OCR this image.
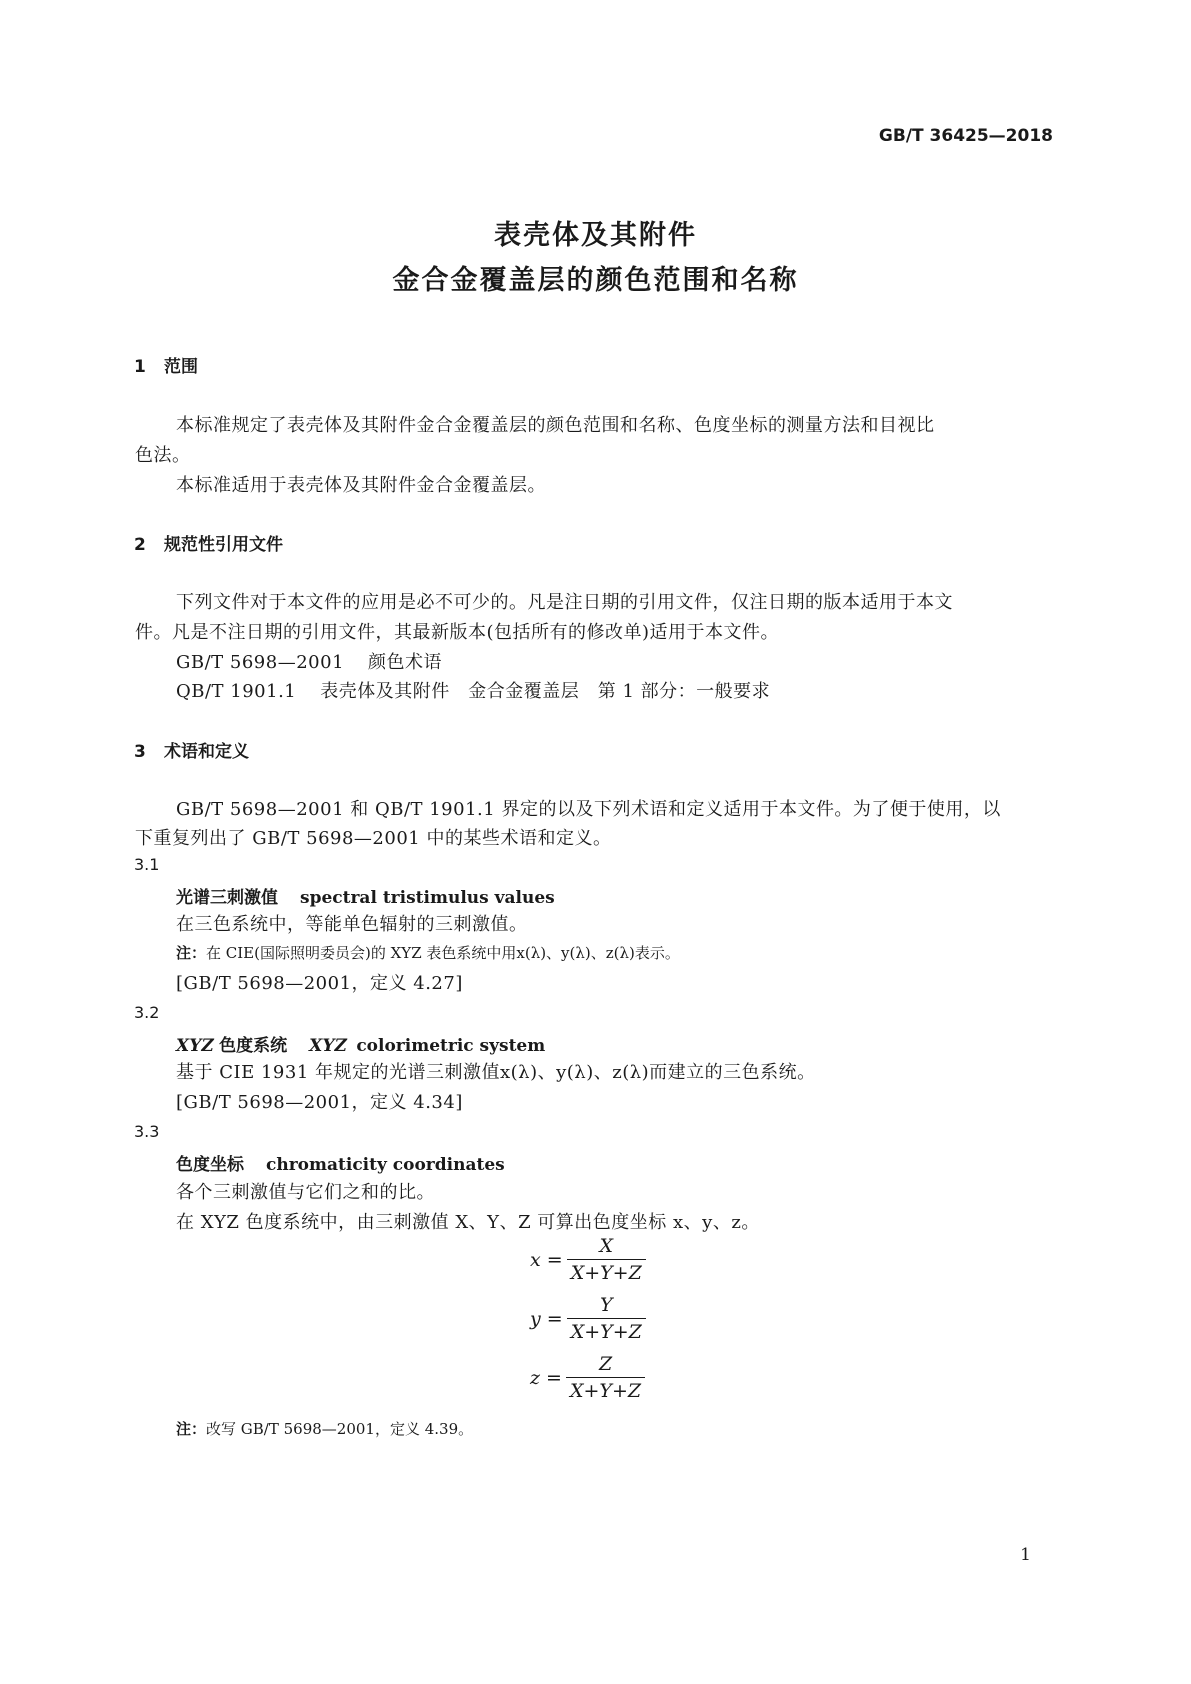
GB/T 36425—2018
表壳体及其附件
金合金覆盖层的颜色范围和名称
1 范围
本标准规定了表壳体及其附件金合金覆盖层的颜色范围和名称、色度坐标的测量方法和目视比
色法。
本标准适用于表壳体及其附件金合金覆盖层。
2 规范性引用文件
下列文件对于本文件的应用是必不可少的。凡是注日期的引用文件，仅注日期的版本适用于本文
件。凡是不注日期的引用文件，其最新版本(包括所有的修改单)适用于本文件。
GB/T 5698—2001 颜色术语
QB/T 1901.1 表壳体及其附件　金合金覆盖层　第 1 部分：一般要求
3 术语和定义
GB/T 5698—2001 和 QB/T 1901.1 界定的以及下列术语和定义适用于本文件。为了便于使用，以
下重复列出了 GB/T 5698—2001 中的某些术语和定义。
3.1
光谱三刺激值 spectral tristimulus values
在三色系统中，等能单色辐射的三刺激值。
注：在 CIE(国际照明委员会)的 XYZ 表色系统中用x(λ)、y(λ)、z(λ)表示。
[GB/T 5698—2001，定义 4.27]
3.2
XYZ 色度系统 XYZ colorimetric system
基于 CIE 1931 年规定的光谱三刺激值x(λ)、y(λ)、z(λ)而建立的三色系统。
[GB/T 5698—2001，定义 4.34]
3.3
色度坐标 chromaticity coordinates
各个三刺激值与它们之和的比。
在 XYZ 色度系统中，由三刺激值 X、Y、Z 可算出色度坐标 x、y、z。
$x = \frac{X}{X+Y+Z}$
$y = \frac{Y}{X+Y+Z}$
$z = \frac{Z}{X+Y+Z}$
注：改写 GB/T 5698—2001，定义 4.39。
1
